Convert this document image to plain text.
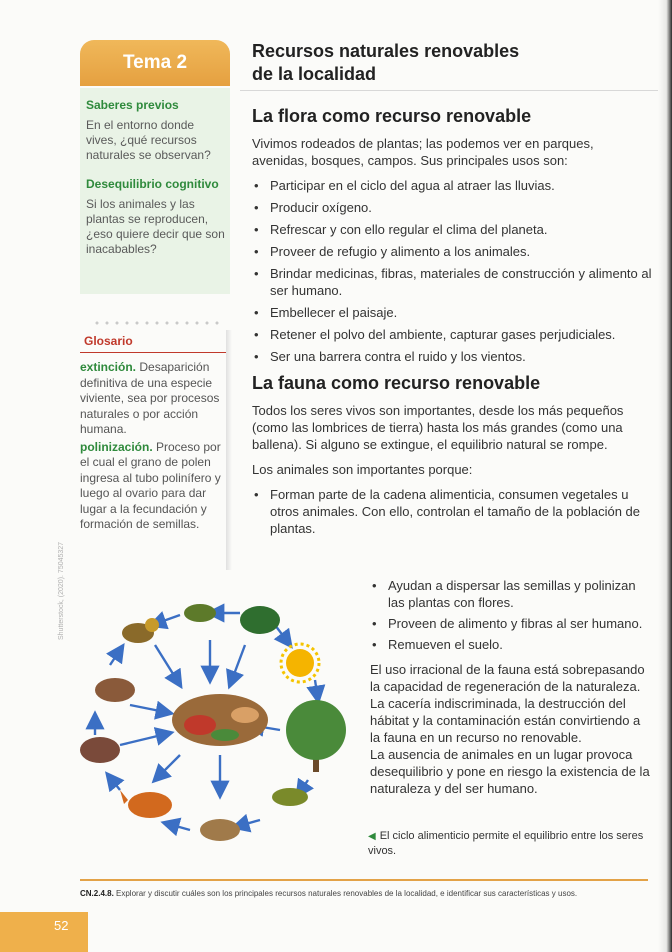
Tema 2

Saberes previos

En el entorno donde vives, ¿qué recursos naturales se observan?

Desequilibrio cognitivo

Si los animales y las plantas se reproducen, ¿eso quiere decir que son inacabables?

Glosario

extinción. Desaparición definitiva de una especie viviente, sea por procesos naturales o por acción humana.

polinización. Proceso por el cual el grano de polen ingresa al tubo polinífero y luego al ovario para dar lugar a la fecundación y formación de semillas.

Shutterstock, (2020). 75045327

Recursos naturales renovables

de la localidad

La flora como recurso renovable

Vivimos rodeados de plantas; las podemos ver en parques, avenidas, bosques, campos. Sus principales usos son:

• Participar en el ciclo del agua al atraer las lluvias.
• Producir oxígeno.
• Refrescar y con ello regular el clima del planeta.
• Proveer de refugio y alimento a los animales.
• Brindar medicinas, fibras, materiales de construcción y alimento al ser humano.
• Embellecer el paisaje.
• Retener el polvo del ambiente, capturar gases perjudiciales.
• Ser una barrera contra el ruido y los vientos.

La fauna como recurso renovable

Todos los seres vivos son importantes, desde los más pequeños (como las lombrices de tierra) hasta los más grandes (como una ballena). Si alguno se extingue, el equilibrio natural se rompe.

Los animales son importantes porque:

• Forman parte de la cadena alimenticia, consumen vegetales u otros animales. Con ello, controlan el tamaño de la población de plantas.
• Ayudan a dispersar las semillas y polinizan las plantas con flores.
• Proveen de alimento y fibras al ser humano.
• Remueven el suelo.

El uso irracional de la fauna está sobrepasando la capacidad de regeneración de la naturaleza. La cacería indiscriminada, la destrucción del hábitat y la contaminación están convirtiendo a la fauna en un recurso no renovable.

La ausencia de animales en un lugar provoca desequilibrio y pone en riesgo la existencia de la naturaleza y del ser humano.

◀ El ciclo alimenticio permite el equilibrio entre los seres vivos.
CN.2.4.8. Explorar y discutir cuáles son los principales recursos naturales renovables de la localidad, e identificar sus características y usos.
52
